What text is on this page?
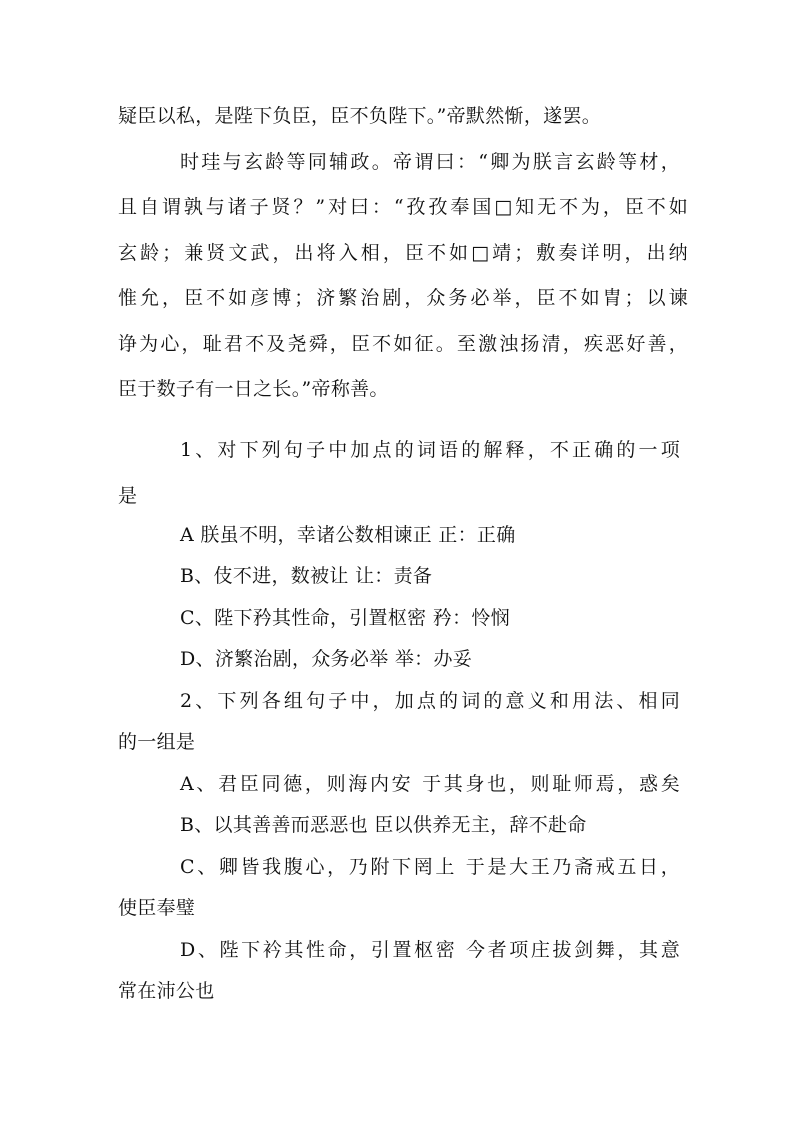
疑臣以私，是陛下负臣，臣不负陛下。”帝默然惭，遂罢。
时珪与玄龄等同辅政。帝谓曰：“卿为朕言玄龄等材，
且自谓孰与诸子贤？”对曰：“孜孜奉国□知无不为，臣不如
玄龄；兼贤文武，出将入相，臣不如□靖；敷奏详明，出纳
惟允，臣不如彦博；济繁治剧，众务必举，臣不如胄；以谏
诤为心，耻君不及尧舜，臣不如征。至激浊扬清，疾恶好善，
臣于数子有一日之长。”帝称善。
1、对下列句子中加点的词语的解释，不正确的一项
是
A 朕虽不明，幸诸公数相谏正 正：正确
B、伎不进，数被让 让：责备
C、陛下矜其性命，引置枢密 矜：怜悯
D、济繁治剧，众务必举 举：办妥
2、下列各组句子中，加点的词的意义和用法、相同
的一组是
A、君臣同德，则海内安 于其身也，则耻师焉，惑矣
B、以其善善而恶恶也 臣以供养无主，辞不赴命
C、卿皆我腹心，乃附下罔上 于是大王乃斋戒五日，
使臣奉璧
D、陛下衿其性命，引置枢密 今者项庄拔剑舞，其意
常在沛公也
